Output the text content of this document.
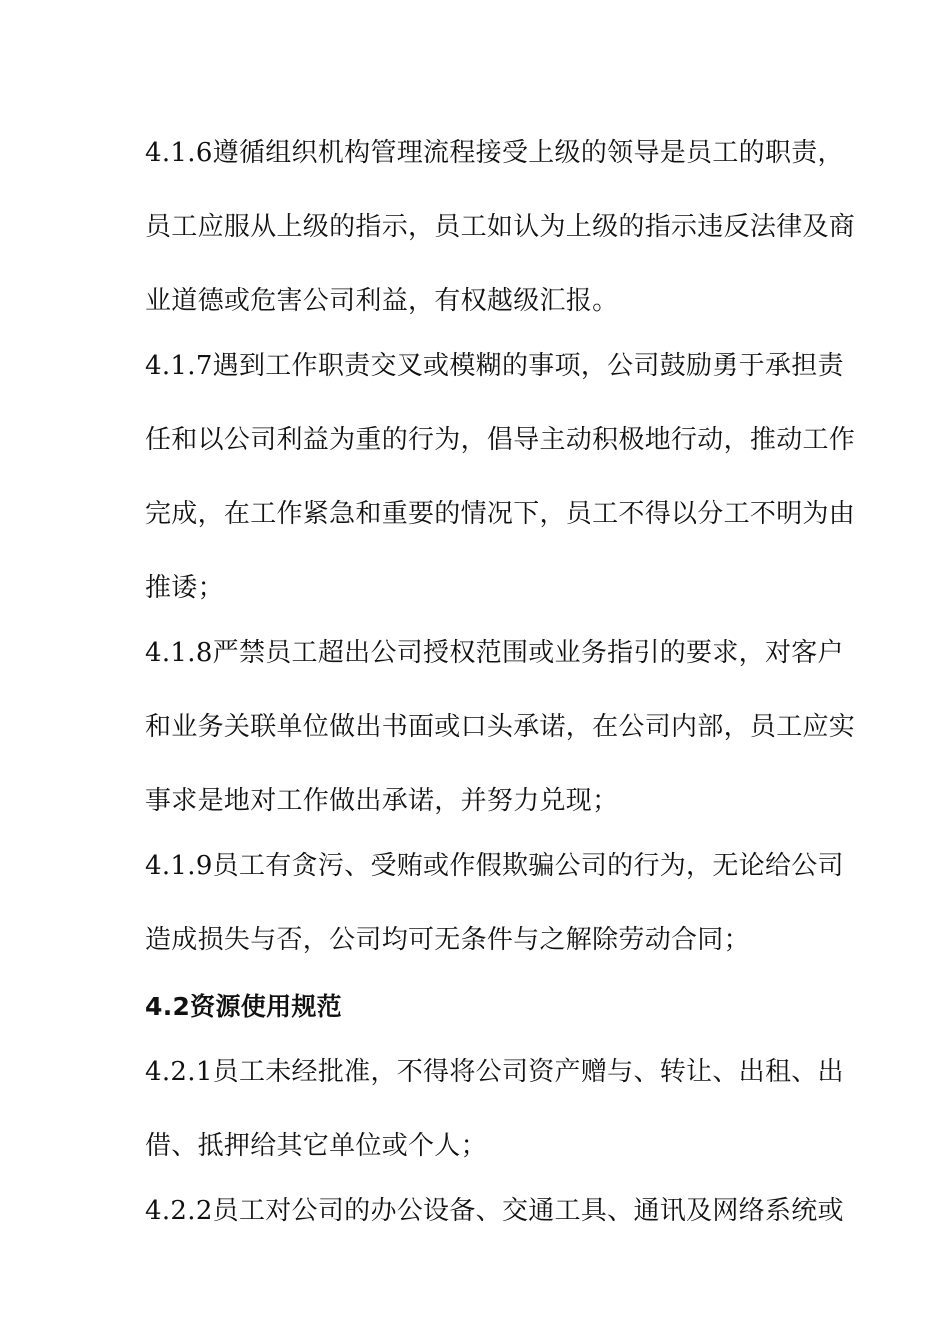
4.1.6遵循组织机构管理流程接受上级的领导是员工的职责，
员工应服从上级的指示，员工如认为上级的指示违反法律及商
业道德或危害公司利益，有权越级汇报。
4.1.7遇到工作职责交叉或模糊的事项，公司鼓励勇于承担责
任和以公司利益为重的行为，倡导主动积极地行动，推动工作
完成，在工作紧急和重要的情况下，员工不得以分工不明为由
推诿；
4.1.8严禁员工超出公司授权范围或业务指引的要求，对客户
和业务关联单位做出书面或口头承诺，在公司内部，员工应实
事求是地对工作做出承诺，并努力兑现；
4.1.9员工有贪污、受贿或作假欺骗公司的行为，无论给公司
造成损失与否，公司均可无条件与之解除劳动合同；
4.2资源使用规范
4.2.1员工未经批准，不得将公司资产赠与、转让、出租、出
借、抵押给其它单位或个人；
4.2.2员工对公司的办公设备、交通工具、通讯及网络系统或
